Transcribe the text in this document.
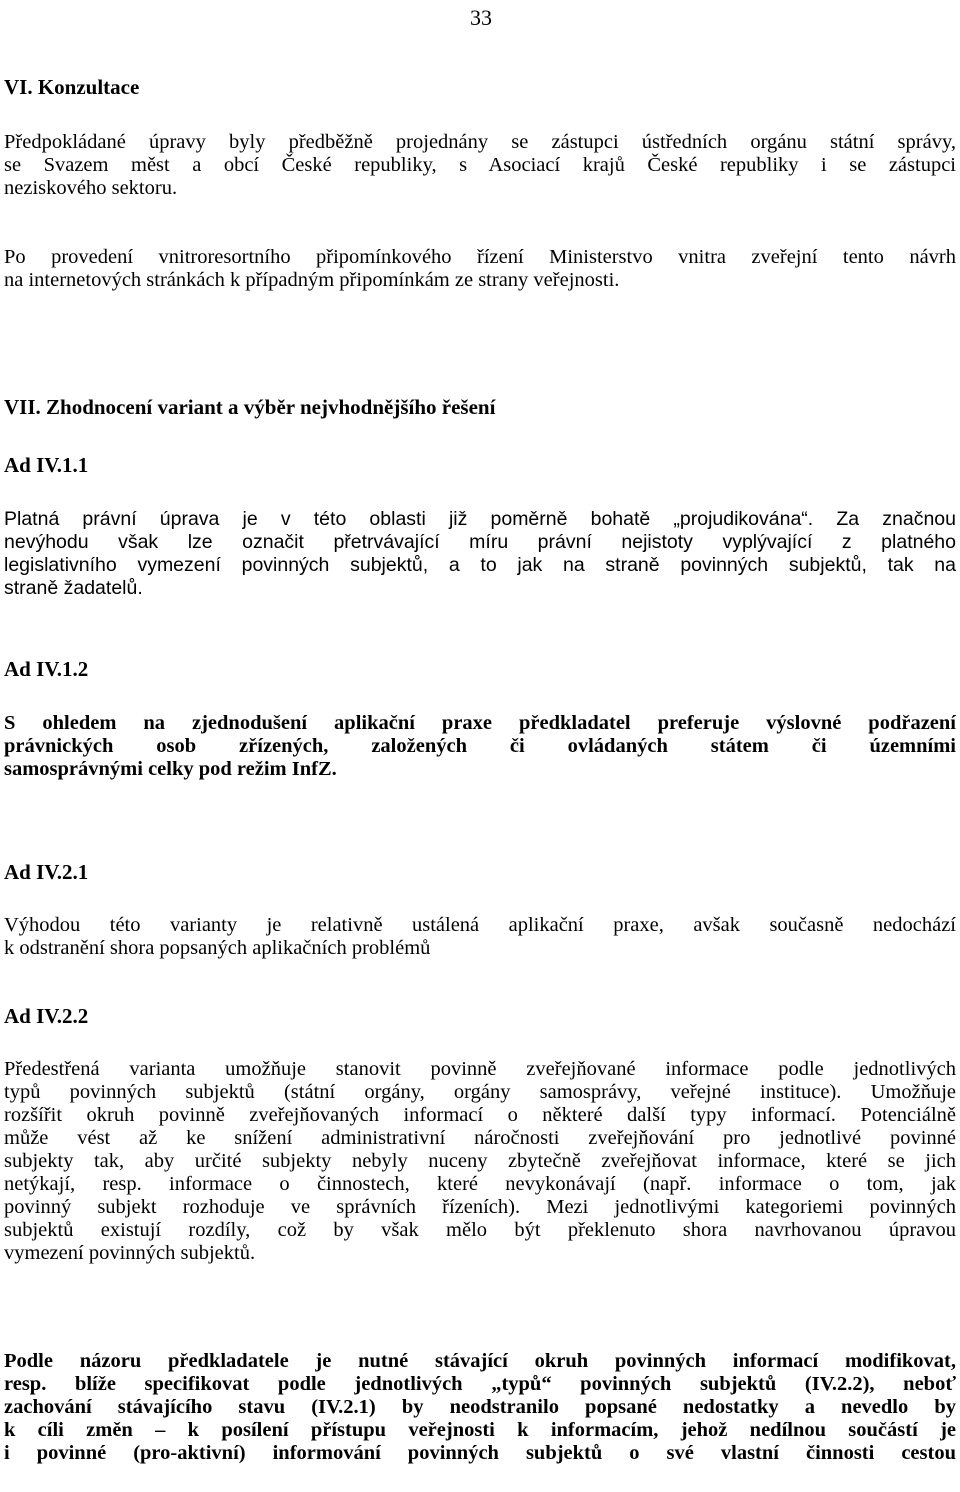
33

VI. Konzultace
Předpokládané úpravy byly předběžně projednány se zástupci ústředních orgánu státní správy,
se Svazem měst a obcí České republiky, s Asociací krajů České republiky i se zástupci
neziskového sektoru.
Po provedení vnitroresortního připomínkového řízení Ministerstvo vnitra zveřejní tento návrh
na internetových stránkách k případným připomínkám ze strany veřejnosti.
VII. Zhodnocení variant a výběr nejvhodnějšího řešení
Ad IV.1.1
Platná právní úprava je v této oblasti již poměrně bohatě „projudikována“. Za značnou
nevýhodu však lze označit přetrvávající míru právní nejistoty vyplývající z platného
legislativního vymezení povinných subjektů, a to jak na straně povinných subjektů, tak na
straně žadatelů.
Ad IV.1.2
S ohledem na zjednodušení aplikační praxe předkladatel preferuje výslovné podřazení
právnických osob zřízených, založených či ovládaných státem či územními
samosprávnými celky pod režim InfZ.
Ad IV.2.1
Výhodou této varianty je relativně ustálená aplikační praxe, avšak současně nedochází
k odstranění shora popsaných aplikačních problémů
Ad IV.2.2
Předestřená varianta umožňuje stanovit povinně zveřejňované informace podle jednotlivých
typů povinných subjektů (státní orgány, orgány samosprávy, veřejné instituce). Umožňuje
rozšířit okruh povinně zveřejňovaných informací o některé další typy informací. Potenciálně
může vést až ke snížení administrativní náročnosti zveřejňování pro jednotlivé povinné
subjekty tak, aby určité subjekty nebyly nuceny zbytečně zveřejňovat informace, které se jich
netýkají, resp. informace o činnostech, které nevykonávají (např. informace o tom, jak
povinný subjekt rozhoduje ve správních řízeních). Mezi jednotlivými kategoriemi povinných
subjektů existují rozdíly, což by však mělo být překlenuto shora navrhovanou úpravou
vymezení povinných subjektů.
Podle názoru předkladatele je nutné stávající okruh povinných informací modifikovat,
resp. blíže specifikovat podle jednotlivých „typů“ povinných subjektů (IV.2.2), neboť
zachování stávajícího stavu (IV.2.1) by neodstranilo popsané nedostatky a nevedlo by
k cíli změn – k posílení přístupu veřejnosti k informacím, jehož nedílnou součástí je
i povinné (pro-aktivní) informování povinných subjektů o své vlastní činnosti cestou
